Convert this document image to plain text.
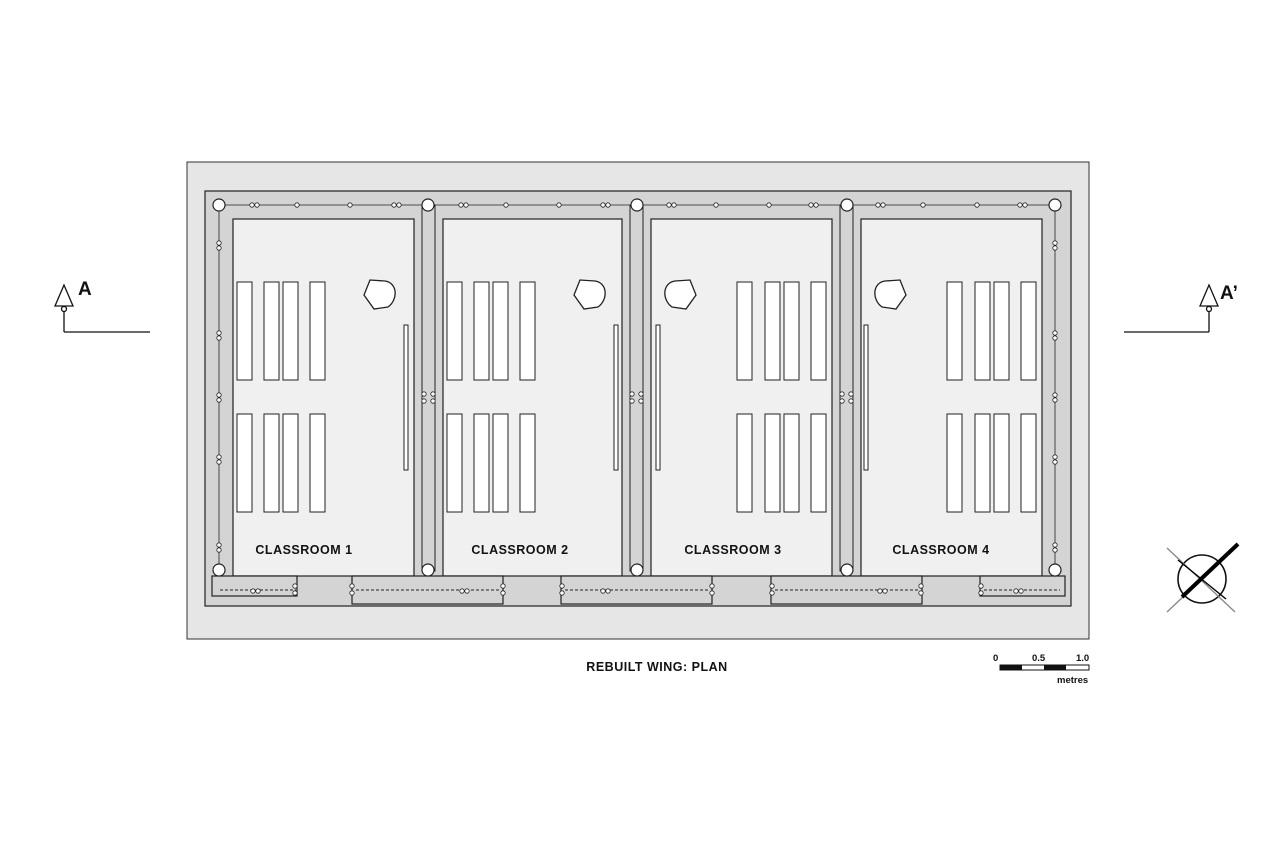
CLASSROOM 1	CLASSROOM 2	CLASSROOM 3	CLASSROOM 4
A	A’
0	0.5	1.0
metres
REBUILT WING: PLAN
